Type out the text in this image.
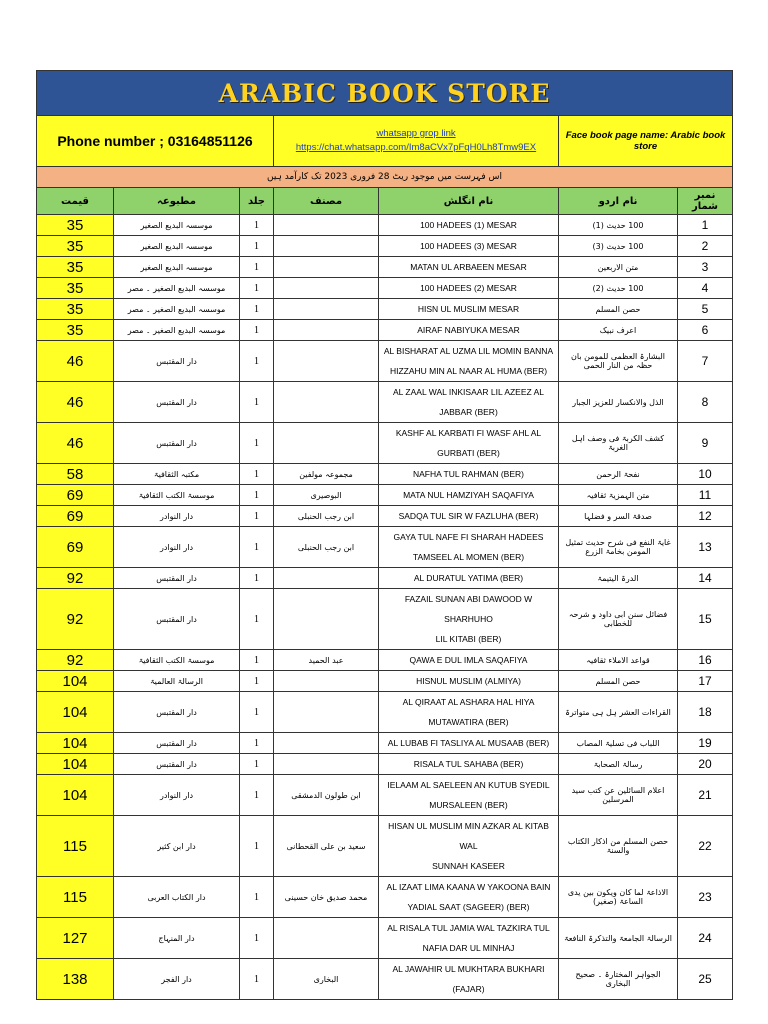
ARABIC BOOK STORE						
Phone number ; 03164851126			whatsapp grop link
https://chat.whatsapp.com/Im8aCVx7pFqH0Lh8Tmw9EX		Face book page name: Arabic book store	
اس فہرست میں موجود ریٹ 28 فروری 2023 تک کارآمد ہیں						
قیمت	مطبوعہ	جلد	مصنف	نام انگلش	نام اردو	نمبر شمار
35	موسسہ البدیع الصغیر	1		100 HADEES (1) MESAR	100 حدیث (1)	1
35	موسسہ البدیع الصغیر	1		100 HADEES (3) MESAR	100 حدیث (3)	2
35	موسسہ البدیع الصغیر	1		MATAN UL ARBAEEN MESAR	متن الاربعین	3
35	موسسہ البدیع الصغیر ۔ مصر	1		100 HADEES (2) MESAR	100 حدیث (2)	4
35	موسسہ البدیع الصغیر ۔ مصر	1		HISN UL MUSLIM MESAR	حصن المسلم	5
35	موسسہ البدیع الصغیر ۔ مصر	1		AIRAF NABIYUKA MESAR	اعرف نبیک	6
46	دار المقتبس	1		AL BISHARAT AL UZMA LIL MOMIN BANNA
HIZZAHU MIN AL NAAR AL HUMA (BER)	البشارۃ العظمی للمومن بان حظہ من النار الحمی	7
46	دار المقتبس	1		AL ZAAL WAL INKISAAR LIL AZEEZ AL
JABBAR (BER)	الذل والانکسار للعزیز الجبار	8
46	دار المقتبس	1		KASHF AL KARBATI FI WASF AHL AL
GURBATI (BER)	کشف الکربۃ فی وصف اہل الغربۃ	9
58	مکتبہ الثقافیۃ	1	مجموعہ مولفین	NAFHA TUL RAHMAN (BER)	نفحۃ الرحمن	10
69	موسسۃ الکتب الثقافیۃ	1	البوصیری	MATA NUL HAMZIYAH SAQAFIYA	متن الہمزیۃ ثقافیہ	11
69	دار النوادر	1	ابن رجب الحنبلی	SADQA TUL SIR W FAZLUHA (BER)	صدقۃ السر و فضلہا	12
69	دار النوادر	1	ابن رجب الحنبلی	GAYA TUL NAFE FI SHARAH HADEES
TAMSEEL AL MOMEN (BER)	غایۃ النفع فی شرح حدیث تمثیل المومن بخامۃ الزرع	13
92	دار المقتبس	1		AL DURATUL YATIMA (BER)	الدرۃ الیتیمۃ	14
92	دار المقتبس	1		FAZAIL SUNAN ABI DAWOOD W SHARHUHO
LIL KITABI (BER)	فضائل سنن ابی داود و شرحہ للخطابی	15
92	موسسۃ الکتب الثقافیۃ	1	عبد الحمید	QAWA E DUL IMLA SAQAFIYA	قواعد الاملاء ثقافیہ	16
104	الرسالۃ العالمیۃ	1		HISNUL MUSLIM (ALMIYA)	حصن المسلم	17
104	دار المقتبس	1		AL QIRAAT AL ASHARA HAL HIYA
MUTAWATIRA (BER)	القراءات العشر ہل ہی متواترۃ	18
104	دار المقتبس	1		AL LUBAB FI TASLIYA AL MUSAAB (BER)	اللباب فی تسلیۃ المصاب	19
104	دار المقتبس	1		RISALA TUL SAHABA (BER)	رسالۃ الصحابۃ	20
104	دار النوادر	1	ابن طولون الدمشقی	IELAAM AL SAELEEN AN KUTUB SYEDIL
MURSALEEN (BER)	اعلام السائلین عن کتب سید المرسلین	21
115	دار ابن کثیر	1	سعید بن علی القحطانی	HISAN UL MUSLIM MIN AZKAR AL KITAB WAL
SUNNAH KASEER	حصن المسلم من اذکار الکتاب والسنۃ	22
115	دار الکتاب العربی	1	محمد صدیق خان حسینی	AL IZAAT LIMA KAANA W YAKOONA BAIN
YADIAL SAAT (SAGEER) (BER)	الاذاعۃ لما کان ویکون بین یدی الساعۃ (صغیر)	23
127	دار المنہاج	1		AL RISALA TUL JAMIA WAL TAZKIRA TUL
NAFIA DAR UL MINHAJ	الرسالۃ الجامعۃ والتذکرۃ النافعۃ	24
138	دار الفجر	1	البخاری	AL JAWAHIR UL MUKHTARA BUKHARI
(FAJAR)	الجواہر المختارۃ ۔ صحیح البخاری	25
